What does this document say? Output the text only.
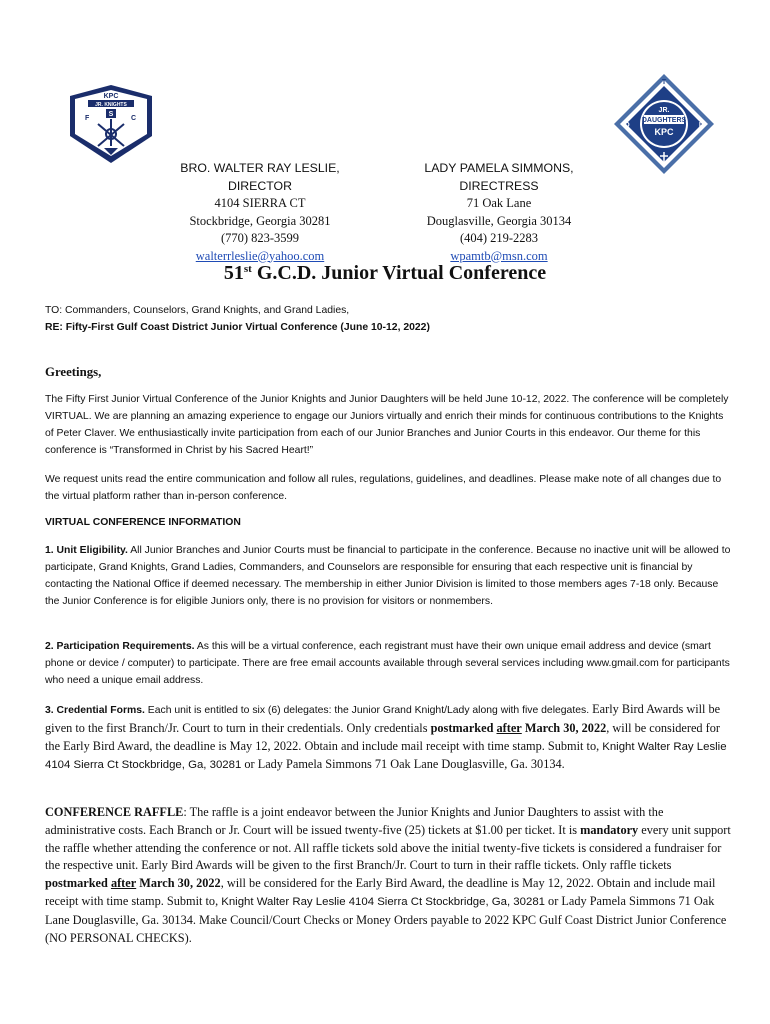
KPC
JR. KNIGHTS
S
F	C
JR.
DAUGHTERS
KPC
T
O	L
BRO. WALTER RAY LESLIE, DIRECTOR
4104 SIERRA CT
Stockbridge, Georgia 30281
(770) 823-3599
walterrleslie@yahoo.com
LADY PAMELA SIMMONS, DIRECTRESS
71 Oak Lane
Douglasville, Georgia 30134
(404) 219-2283
wpamtb@msn.com
51st G.C.D. Junior Virtual Conference

TO: Commanders, Counselors, Grand Knights, and Grand Ladies,

RE: Fifty-First Gulf Coast District Junior Virtual Conference (June 10-12, 2022)

Greetings,

The Fifty First Junior Virtual Conference of the Junior Knights and Junior Daughters will be held June 10-12, 2022. The conference will be completely VIRTUAL. We are planning an amazing experience to engage our Juniors virtually and enrich their minds for continuous contributions to the Knights of Peter Claver. We enthusiastically invite participation from each of our Junior Branches and Junior Courts in this endeavor. Our theme for this conference is “Transformed in Christ by his Sacred Heart!”

We request units read the entire communication and follow all rules, regulations, guidelines, and deadlines. Please make note of all changes due to the virtual platform rather than in-person conference.

VIRTUAL CONFERENCE INFORMATION

1. Unit Eligibility. All Junior Branches and Junior Courts must be financial to participate in the conference. Because no inactive unit will be allowed to participate, Grand Knights, Grand Ladies, Commanders, and Counselors are responsible for ensuring that each respective unit is financial by contacting the National Office if deemed necessary. The membership in either Junior Division is limited to those members ages 7-18 only. Because the Junior Conference is for eligible Juniors only, there is no provision for visitors or nonmembers.

2. Participation Requirements. As this will be a virtual conference, each registrant must have their own unique email address and device (smart phone or device / computer) to participate. There are free email accounts available through several services including www.gmail.com for participants who need a unique email address.

3. Credential Forms. Each unit is entitled to six (6) delegates: the Junior Grand Knight/Lady along with five delegates. Early Bird Awards will be given to the first Branch/Jr. Court to turn in their credentials. Only credentials postmarked after March 30, 2022, will be considered for the Early Bird Award, the deadline is May 12, 2022. Obtain and include mail receipt with time stamp. Submit to, Knight Walter Ray Leslie 4104 Sierra Ct Stockbridge, Ga, 30281 or Lady Pamela Simmons 71 Oak Lane Douglasville, Ga. 30134.

CONFERENCE RAFFLE: The raffle is a joint endeavor between the Junior Knights and Junior Daughters to assist with the administrative costs. Each Branch or Jr. Court will be issued twenty-five (25) tickets at $1.00 per ticket. It is mandatory every unit support the raffle whether attending the conference or not. All raffle tickets sold above the initial twenty-five tickets is considered a fundraiser for the respective unit. Early Bird Awards will be given to the first Branch/Jr. Court to turn in their raffle tickets. Only raffle tickets postmarked after March 30, 2022, will be considered for the Early Bird Award, the deadline is May 12, 2022. Obtain and include mail receipt with time stamp. Submit to, Knight Walter Ray Leslie 4104 Sierra Ct Stockbridge, Ga, 30281 or Lady Pamela Simmons 71 Oak Lane Douglasville, Ga. 30134. Make Council/Court Checks or Money Orders payable to 2022 KPC Gulf Coast District Junior Conference (NO PERSONAL CHECKS).
